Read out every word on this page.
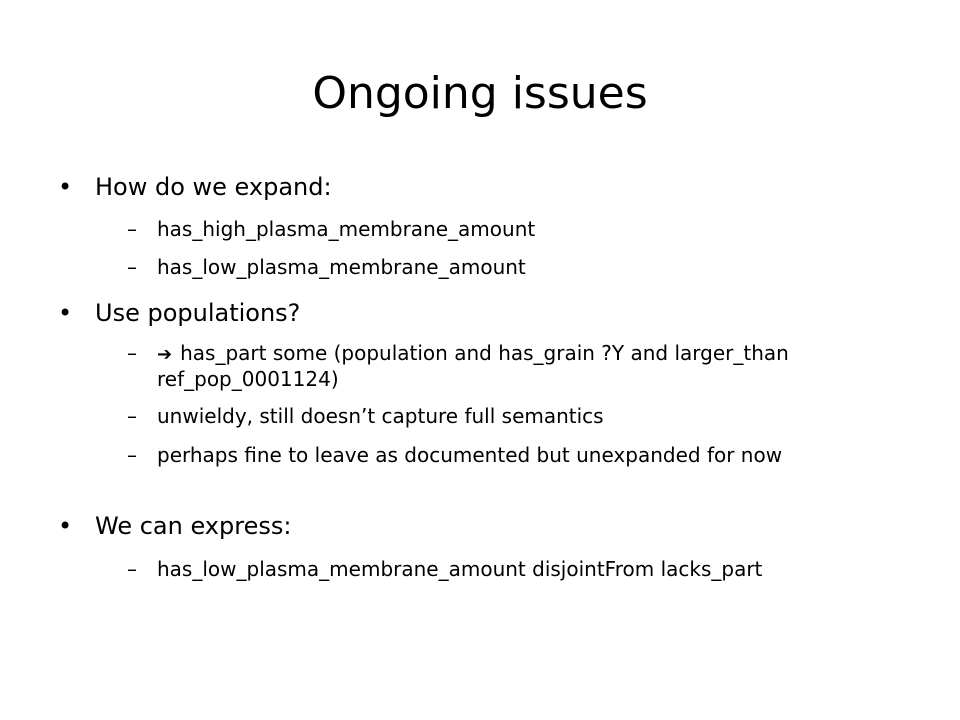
Ongoing issues
• How do we expand:
– has_high_plasma_membrane_amount
– has_low_plasma_membrane_amount
• Use populations?
– ➔ has_part some (population and has_grain ?Y and larger_than ref_pop_0001124)
– unwieldy, still doesn’t capture full semantics
– perhaps fine to leave as documented but unexpanded for now
• We can express:
– has_low_plasma_membrane_amount disjointFrom lacks_part
